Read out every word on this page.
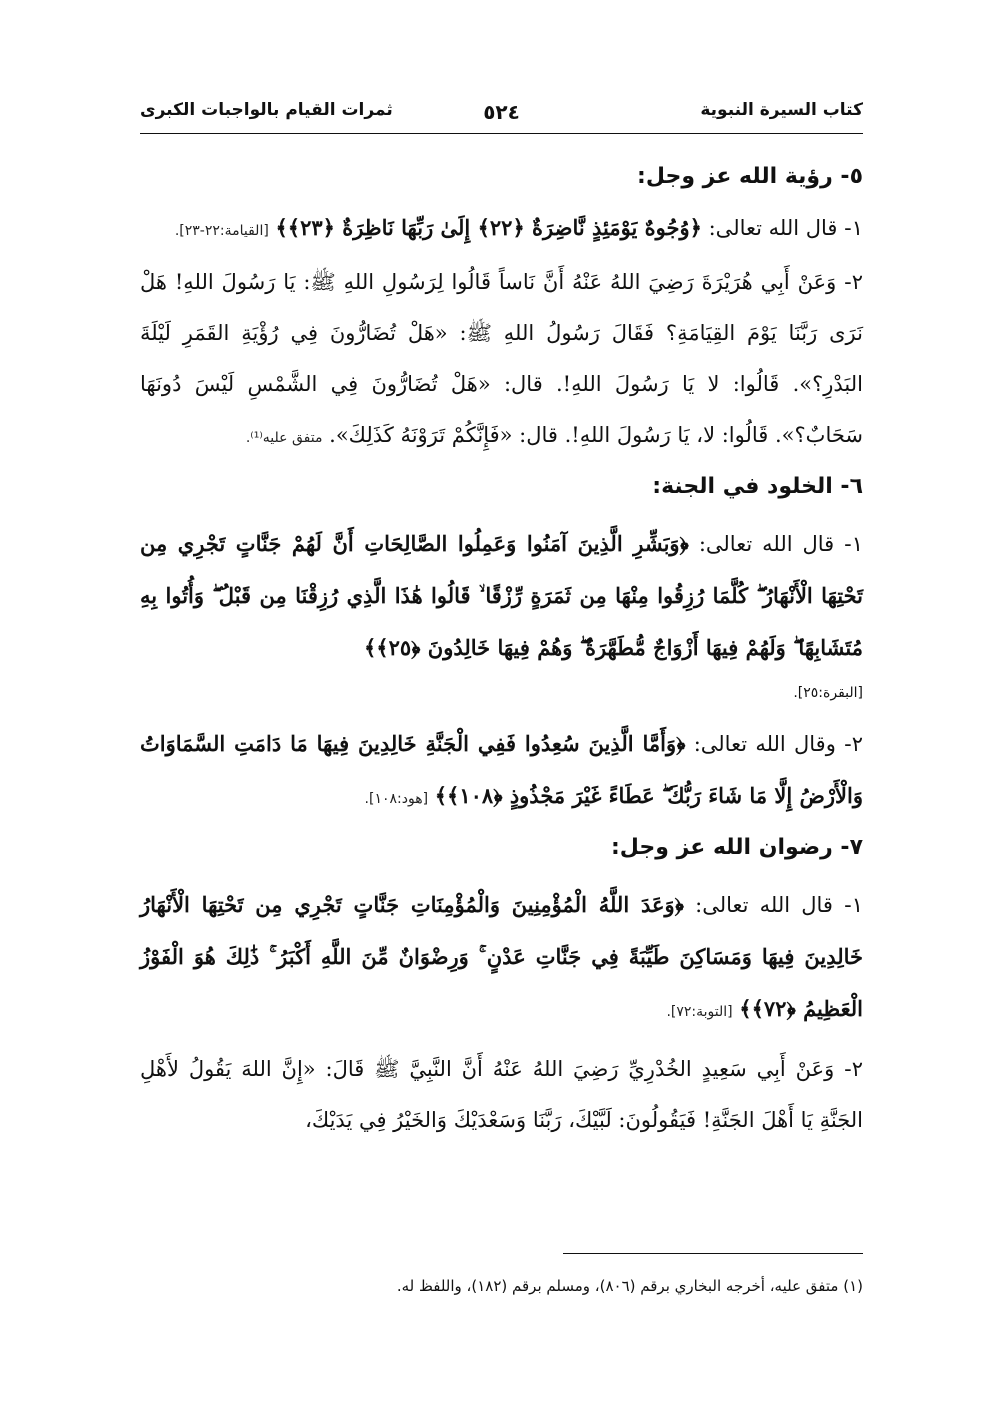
كتاب السيرة النبوية
٥٢٤
ثمرات القيام بالواجبات الكبرى
٥- رؤية الله عز وجل:

١- قال الله تعالى: ﴿وُجُوهٌ يَوْمَئِذٍ نَّاضِرَةٌ ﴿٢٢﴾ إِلَىٰ رَبِّهَا نَاظِرَةٌ ﴿٢٣﴾﴾ [القيامة:٢٢-٢٣].

٢- وَعَنْ أَبِي هُرَيْرَةَ رَضِيَ اللهُ عَنْهُ أَنَّ نَاساً قَالُوا لِرَسُولِ اللهِ ﷺ: يَا رَسُولَ اللهِ! هَلْ نَرَى رَبَّنَا يَوْمَ القِيَامَةِ؟ فَقَالَ رَسُولُ اللهِ ﷺ: «هَلْ تُضَارُّونَ فِي رُؤْيَةِ القَمَرِ لَيْلَةَ البَدْرِ؟». قَالُوا: لا يَا رَسُولَ اللهِ!. قال: «هَلْ تُضَارُّونَ فِي الشَّمْسِ لَيْسَ دُونَهَا سَحَابٌ؟». قَالُوا: لا، يَا رَسُولَ اللهِ!. قال: «فَإِنَّكُمْ تَرَوْنَهُ كَذَلِكَ». متفق عليه⁽¹⁾.

٦- الخلود في الجنة:

١- قال الله تعالى: ﴿وَبَشِّرِ الَّذِينَ آمَنُوا وَعَمِلُوا الصَّالِحَاتِ أَنَّ لَهُمْ جَنَّاتٍ تَجْرِي مِن تَحْتِهَا الْأَنْهَارُ ۖ كُلَّمَا رُزِقُوا مِنْهَا مِن ثَمَرَةٍ رِّزْقًا ۙ قَالُوا هَٰذَا الَّذِي رُزِقْنَا مِن قَبْلُ ۖ وَأُتُوا بِهِ مُتَشَابِهًا ۖ وَلَهُمْ فِيهَا أَزْوَاجٌ مُّطَهَّرَةٌ ۖ وَهُمْ فِيهَا خَالِدُونَ ﴿٢٥﴾﴾

[البقرة:٢٥].

٢- وقال الله تعالى: ﴿وَأَمَّا الَّذِينَ سُعِدُوا فَفِي الْجَنَّةِ خَالِدِينَ فِيهَا مَا دَامَتِ السَّمَاوَاتُ وَالْأَرْضُ إِلَّا مَا شَاءَ رَبُّكَ ۖ عَطَاءً غَيْرَ مَجْذُوذٍ ﴿١٠٨﴾﴾ [هود:١٠٨].

٧- رضوان الله عز وجل:

١- قال الله تعالى: ﴿وَعَدَ اللَّهُ الْمُؤْمِنِينَ وَالْمُؤْمِنَاتِ جَنَّاتٍ تَجْرِي مِن تَحْتِهَا الْأَنْهَارُ خَالِدِينَ فِيهَا وَمَسَاكِنَ طَيِّبَةً فِي جَنَّاتِ عَدْنٍ ۚ وَرِضْوَانٌ مِّنَ اللَّهِ أَكْبَرُ ۚ ذَٰلِكَ هُوَ الْفَوْزُ الْعَظِيمُ ﴿٧٢﴾﴾ [التوبة:٧٢].

٢- وَعَنْ أَبِي سَعِيدٍ الخُدْرِيِّ رَضِيَ اللهُ عَنْهُ أَنَّ النَّبِيَّ ﷺ قَالَ: «إِنَّ اللهَ يَقُولُ لأَهْلِ الجَنَّةِ يَا أَهْلَ الجَنَّةِ! فَيَقُولُونَ: لَبَّيْكَ، رَبَّنَا وَسَعْدَيْكَ وَالخَيْرُ فِي يَدَيْكَ،

(١) متفق عليه، أخرجه البخاري برقم (٨٠٦)، ومسلم برقم (١٨٢)، واللفظ له.
